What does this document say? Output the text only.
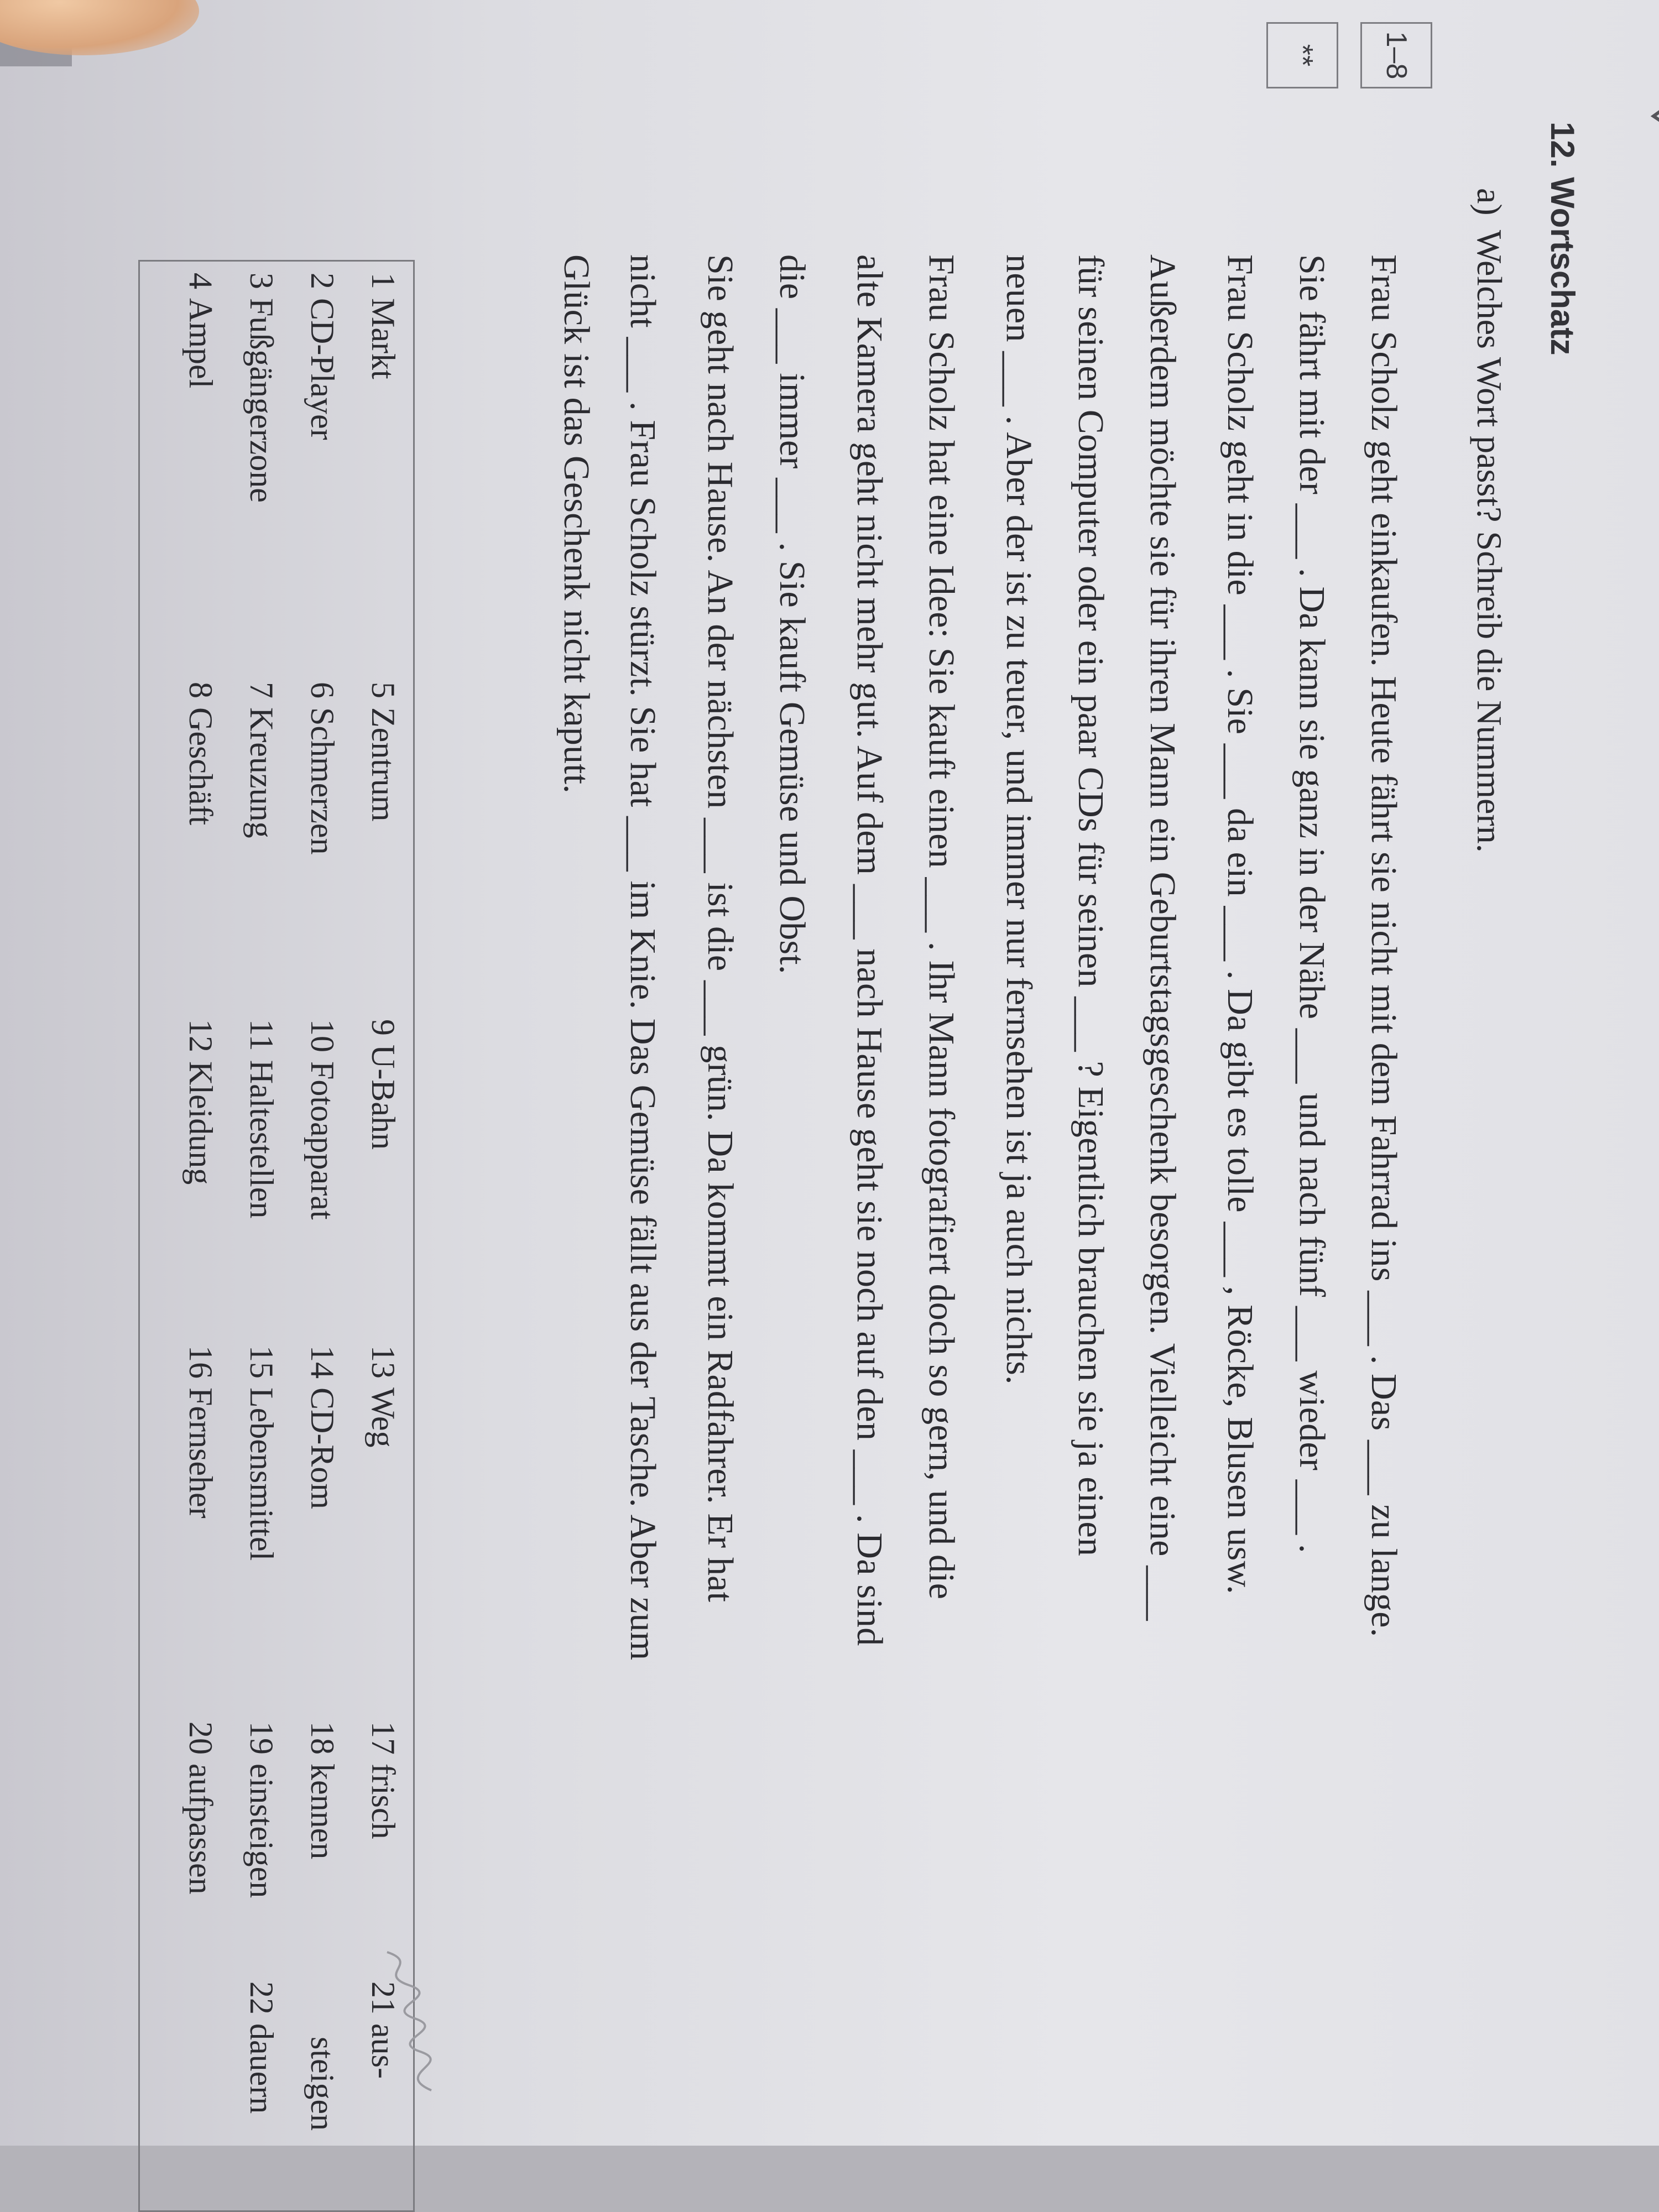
1–8
**
12. Wortschatz
a)Welches Wort passt? Schreib die Nummern.
Frau Scholz geht einkaufen. Heute fährt sie nicht mit dem Fahrrad ins ___ . Das ___ zu lange.
Sie fährt mit der ___ . Da kann sie ganz in der Nähe ___ und nach fünf ___ wieder ___ .
Frau Scholz geht in die ___ . Sie ___ da ein ___ . Da gibt es tolle ___ , Röcke, Blusen usw.
Außerdem möchte sie für ihren Mann ein Geburtstagsgeschenk besorgen. Vielleicht eine ___
für seinen Computer oder ein paar CDs für seinen ___ ? Eigentlich brauchen sie ja einen
neuen ___ . Aber der ist zu teuer, und immer nur fernsehen ist ja auch nichts.
Frau Scholz hat eine Idee: Sie kauft einen ___ . Ihr Mann fotografiert doch so gern, und die
alte Kamera geht nicht mehr gut. Auf dem ___ nach Hause geht sie noch auf den ___ . Da sind
die ___ immer ___ . Sie kauft Gemüse und Obst.
Sie geht nach Hause. An der nächsten ___ ist die ___ grün. Da kommt ein Radfahrer. Er hat
nicht ___ . Frau Scholz stürzt. Sie hat ___ im Knie. Das Gemüse fällt aus der Tasche. Aber zum
Glück ist das Geschenk nicht kaputt.
1Markt
2CD-Player
3Fußgängerzone
4Ampel
5Zentrum
6Schmerzen
7Kreuzung
8Geschäft
9U-Bahn
10Fotoapparat
11Haltestellen
12Kleidung
13Weg
14CD-Rom
15Lebensmittel
16Fernseher
17frisch
18kennen
19einsteigen
20aufpassen
21aus-
steigen
22dauern
